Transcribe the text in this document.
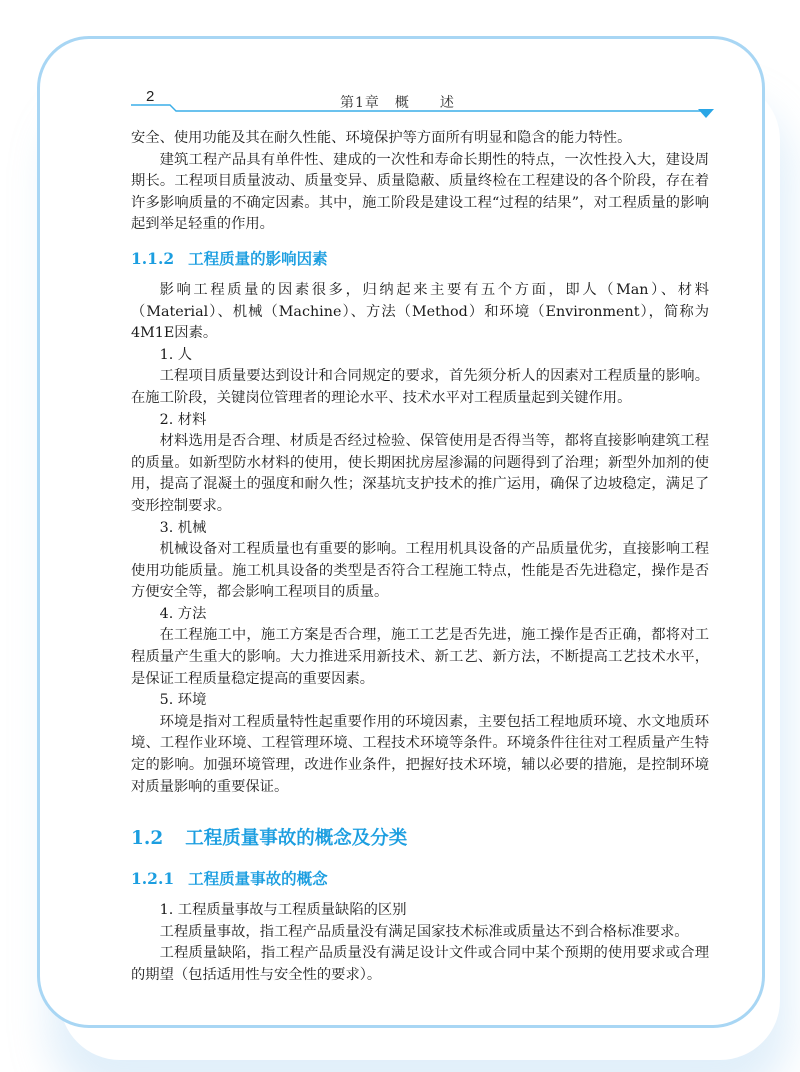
2	第1章　概　　述

安全、使用功能及其在耐久性能、环境保护等方面所有明显和隐含的能力特性。

建筑工程产品具有单件性、建成的一次性和寿命长期性的特点，一次性投入大，建设周期长。工程项目质量波动、质量变异、质量隐蔽、质量终检在工程建设的各个阶段，存在着许多影响质量的不确定因素。其中，施工阶段是建设工程“过程的结果”，对工程质量的影响起到举足轻重的作用。

1.1.2 工程质量的影响因素

影响工程质量的因素很多，归纳起来主要有五个方面，即人（Man）、材料（Material）、机械（Machine）、方法（Method）和环境（Environment），简称为4M1E因素。

1. 人

工程项目质量要达到设计和合同规定的要求，首先须分析人的因素对工程质量的影响。在施工阶段，关键岗位管理者的理论水平、技术水平对工程质量起到关键作用。

2. 材料

材料选用是否合理、材质是否经过检验、保管使用是否得当等，都将直接影响建筑工程的质量。如新型防水材料的使用，使长期困扰房屋渗漏的问题得到了治理；新型外加剂的使用，提高了混凝土的强度和耐久性；深基坑支护技术的推广运用，确保了边坡稳定，满足了变形控制要求。

3. 机械

机械设备对工程质量也有重要的影响。工程用机具设备的产品质量优劣，直接影响工程使用功能质量。施工机具设备的类型是否符合工程施工特点，性能是否先进稳定，操作是否方便安全等，都会影响工程项目的质量。

4. 方法

在工程施工中，施工方案是否合理，施工工艺是否先进，施工操作是否正确，都将对工程质量产生重大的影响。大力推进采用新技术、新工艺、新方法，不断提高工艺技术水平，是保证工程质量稳定提高的重要因素。

5. 环境

环境是指对工程质量特性起重要作用的环境因素，主要包括工程地质环境、水文地质环境、工程作业环境、工程管理环境、工程技术环境等条件。环境条件往往对工程质量产生特定的影响。加强环境管理，改进作业条件，把握好技术环境，辅以必要的措施，是控制环境对质量影响的重要保证。

1.2 工程质量事故的概念及分类

1.2.1 工程质量事故的概念

1. 工程质量事故与工程质量缺陷的区别

工程质量事故，指工程产品质量没有满足国家技术标准或质量达不到合格标准要求。

工程质量缺陷，指工程产品质量没有满足设计文件或合同中某个预期的使用要求或合理的期望（包括适用性与安全性的要求）。
